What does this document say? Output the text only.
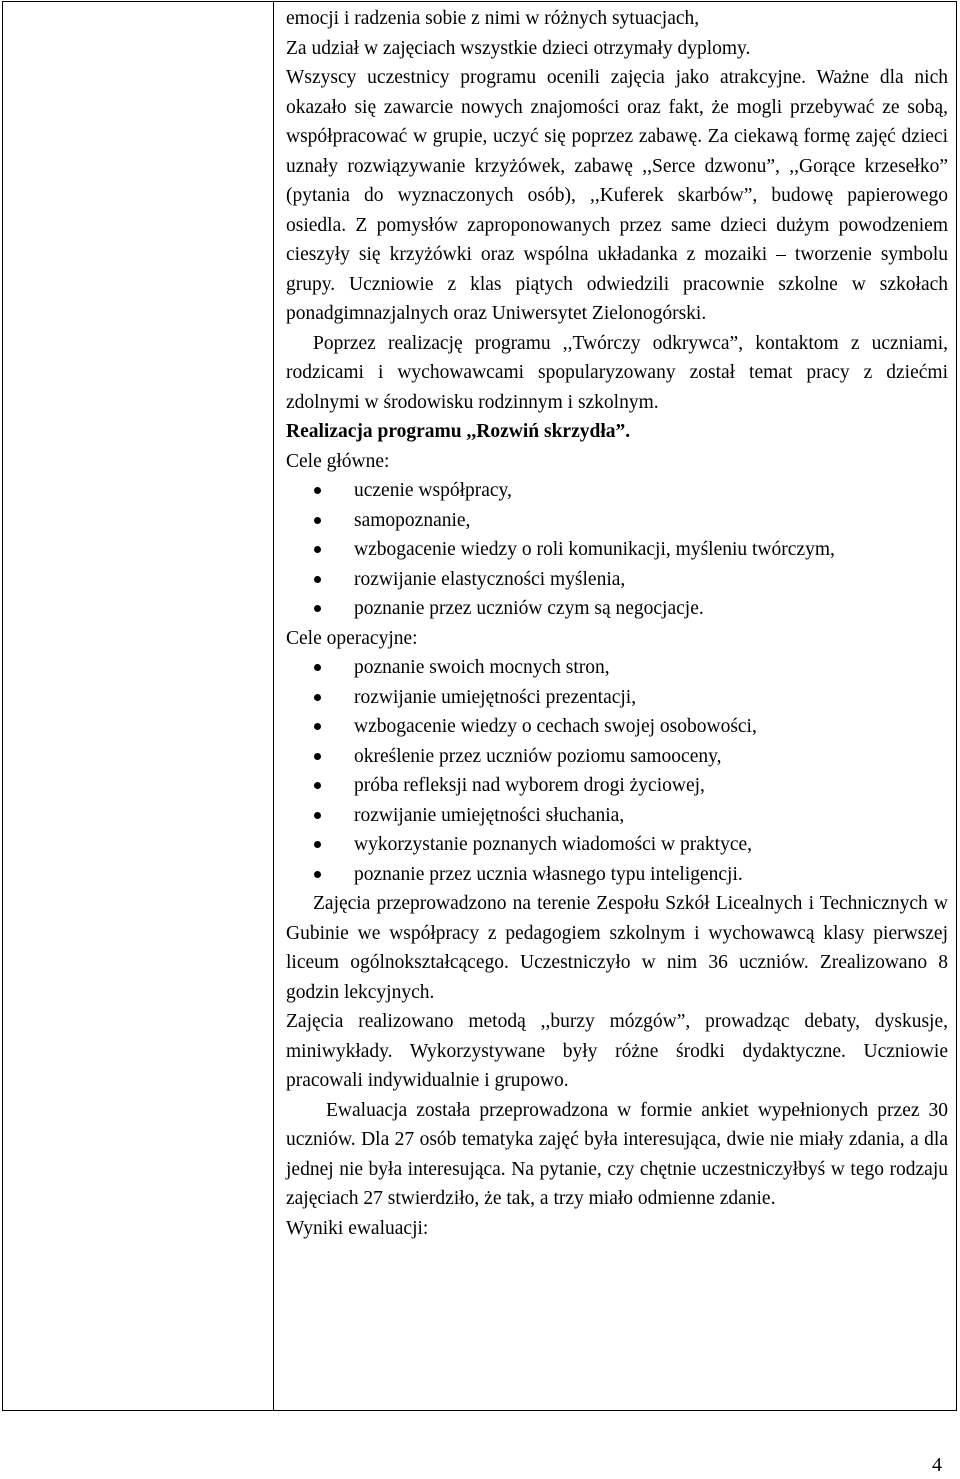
emocji i radzenia sobie z nimi w różnych sytuacjach,

Za udział w zajęciach wszystkie dzieci otrzymały dyplomy.

Wszyscy uczestnicy programu ocenili zajęcia jako atrakcyjne. Ważne dla nich okazało się zawarcie nowych znajomości oraz fakt, że mogli przebywać ze sobą, współpracować w grupie, uczyć się poprzez zabawę. Za ciekawą formę zajęć dzieci uznały rozwiązywanie krzyżówek, zabawę ,,Serce dzwonu”, ,,Gorące krzesełko” (pytania do wyznaczonych osób), ,,Kuferek skarbów”, budowę papierowego osiedla. Z pomysłów zaproponowanych przez same dzieci dużym powodzeniem cieszyły się krzyżówki oraz wspólna układanka z mozaiki – tworzenie symbolu grupy. Uczniowie z klas piątych odwiedzili pracownie szkolne w szkołach ponadgimnazjalnych oraz Uniwersytet Zielonogórski.

Poprzez realizację programu ,,Twórczy odkrywca”, kontaktom z uczniami, rodzicami i wychowawcami spopularyzowany został temat pracy z dziećmi zdolnymi w środowisku rodzinnym i szkolnym.

Realizacja programu ,,Rozwiń skrzydła”.

Cele główne:

uczenie współpracy,
samopoznanie,
wzbogacenie wiedzy o roli komunikacji, myśleniu twórczym,
rozwijanie elastyczności myślenia,
poznanie przez uczniów czym są negocjacje.

Cele operacyjne:

poznanie swoich mocnych stron,
rozwijanie umiejętności prezentacji,
wzbogacenie wiedzy o cechach swojej osobowości,
określenie przez uczniów poziomu samooceny,
próba refleksji nad wyborem drogi życiowej,
rozwijanie umiejętności słuchania,
wykorzystanie poznanych wiadomości w praktyce,
poznanie przez ucznia własnego typu inteligencji.

Zajęcia przeprowadzono na terenie Zespołu Szkół Licealnych i Technicznych w Gubinie we współpracy z pedagogiem szkolnym i wychowawcą klasy pierwszej liceum ogólnokształcącego. Uczestniczyło w nim 36 uczniów. Zrealizowano 8 godzin lekcyjnych.

Zajęcia realizowano metodą ,,burzy mózgów”, prowadząc debaty, dyskusje, miniwykłady. Wykorzystywane były różne środki dydaktyczne. Uczniowie pracowali indywidualnie i grupowo.

Ewaluacja została przeprowadzona w formie ankiet wypełnionych przez 30 uczniów. Dla 27 osób tematyka zajęć była interesująca, dwie nie miały zdania, a dla jednej nie była interesująca. Na pytanie, czy chętnie uczestniczyłbyś w tego rodzaju zajęciach 27 stwierdziło, że tak, a trzy miało odmienne zdanie.

Wyniki ewaluacji:

4
